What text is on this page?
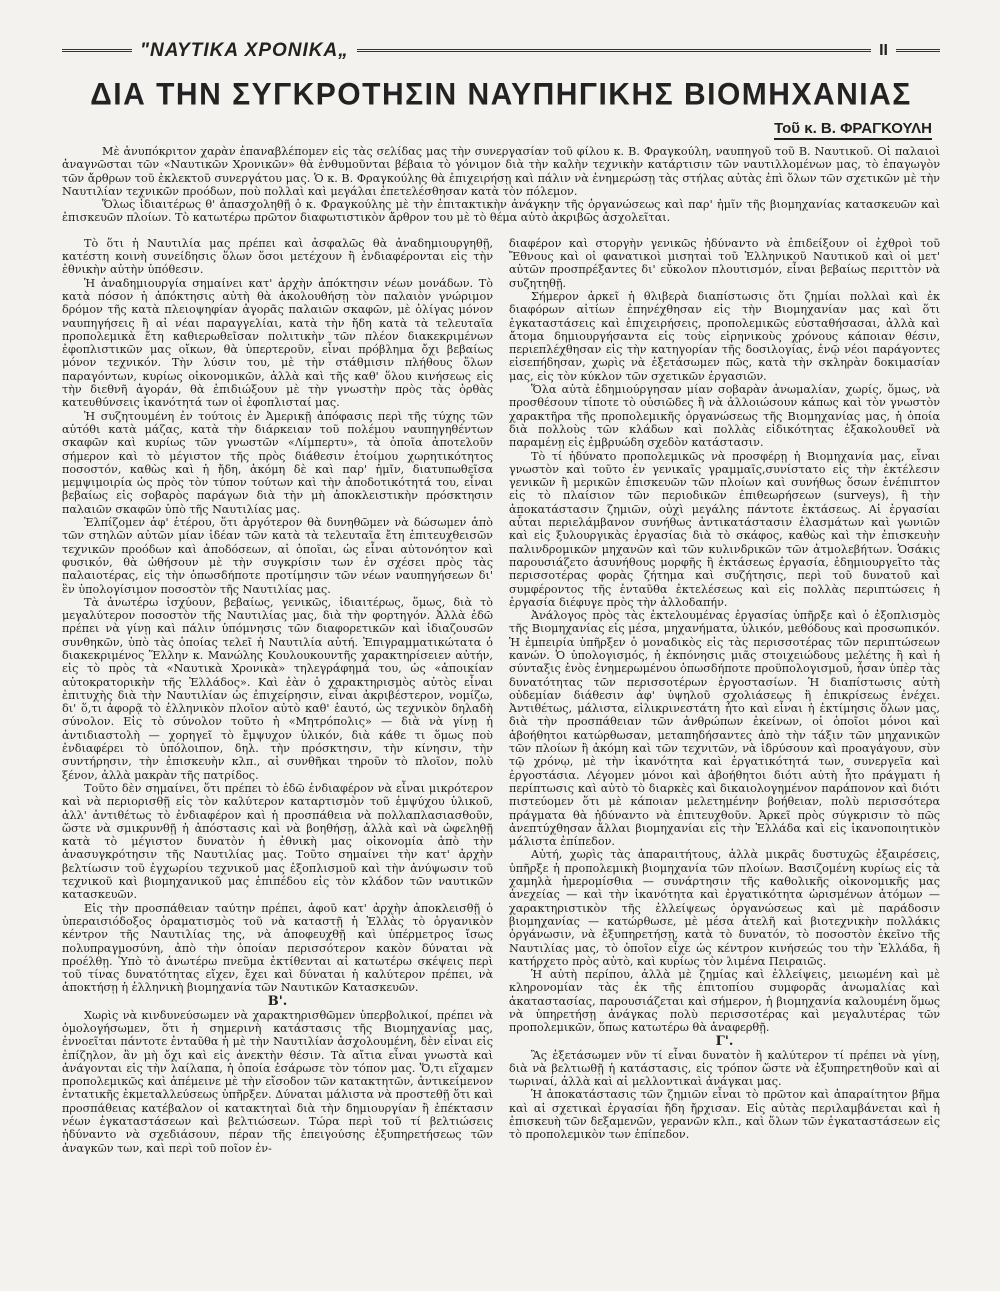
"ΝΑΥΤΙΚΑ ΧΡΟΝΙΚΑ„	ΙΙ
ΔΙΑ ΤΗΝ ΣΥΓΚΡΟΤΗΣΙΝ ΝΑΥΠΗΓΙΚΗΣ ΒΙΟΜΗΧΑΝΙΑΣ
Τοῦ κ. Β. ΦΡΑΓΚΟΥΛΗ

Μὲ ἀνυπόκριτον χαρὰν ἐπαναβλέπομεν εἰς τὰς σελίδας μας τὴν συνεργασίαν τοῦ φίλου κ. Β. Φραγκούλη, ναυπηγοῦ τοῦ Β. Ναυτικοῦ. Οἱ παλαιοὶ ἀναγνῶσται τῶν «Ναυτικῶν Χρονικῶν» θὰ ἐνθυμοῦνται βέβαια τὸ γόνιμον διὰ τὴν καλὴν τεχνικὴν κατάρτισιν τῶν ναυτιλλομένων μας, τὸ ἐπαγωγὸν τῶν ἄρθρων τοῦ ἐκλεκτοῦ συνεργάτου μας. Ὁ κ. Β. Φραγκούλης θὰ ἐπιχειρήσῃ καὶ πάλιν νὰ ἐνημερώσῃ τὰς στήλας αὐτὰς ἐπὶ ὅλων τῶν σχετικῶν μὲ τὴν Ναυτιλίαν τεχνικῶν προόδων, ποὺ πολλαὶ καὶ μεγάλαι ἐπετελέσθησαν κατὰ τὸν πόλεμον.

Ὅλως ἰδιαιτέρως θ' ἀπασχοληθῇ ὁ κ. Φραγκούλης μὲ τὴν ἐπιτακτικὴν ἀνάγκην τῆς ὀργανώσεως καὶ παρ' ἡμῖν τῆς βιομηχανίας κατασκευῶν καὶ ἐπισκευῶν πλοίων. Τὸ κατωτέρω πρῶτον διαφωτιστικὸν ἄρθρον του μὲ τὸ θέμα αὐτὸ ἀκριβῶς ἀσχολεῖται.

Τὸ ὅτι ἡ Ναυτιλία μας πρέπει καὶ ἀσφαλῶς θὰ ἀναδημιουργηθῇ, κατέστη κοινὴ συνείδησις ὅλων ὅσοι μετέχουν ἢ ἐνδιαφέρονται εἰς τὴν ἐθνικὴν αὐτὴν ὑπόθεσιν.

Ἡ ἀναδημιουργία σημαίνει κατ' ἀρχὴν ἀπόκτησιν νέων μονάδων. Τὸ κατὰ πόσον ἡ ἀπόκτησις αὐτὴ θὰ ἀκολουθήσῃ τὸν παλαιὸν γνώριμον δρόμον τῆς κατὰ πλειοψηφίαν ἀγορᾶς παλαιῶν σκαφῶν, μὲ ὀλίγας μόνον ναυπηγήσεις ἢ αἱ νέαι παραγγελίαι, κατὰ τὴν ἤδη κατὰ τὰ τελευταῖα προπολεμικὰ ἔτη καθιερωθεῖσαν πολιτικὴν τῶν πλέον διακεκριμένων ἐφοπλιστικῶν μας οἴκων, θὰ ὑπερτεροῦν, εἶναι πρόβλημα ὄχι βεβαίως μόνον τεχνικόν. Τὴν λύσιν του, μὲ τὴν στάθμισιν πλήθους ὅλων παραγόντων, κυρίως οἰκονομικῶν, ἀλλὰ καὶ τῆς καθ' ὅλου κινήσεως εἰς τὴν διεθνῆ ἀγοράν, θὰ ἐπιδιώξουν μὲ τὴν γνωστὴν πρὸς τὰς ὀρθὰς κατευθύνσεις ἱκανότητά των οἱ ἐφοπλισταί μας.

Ἡ συζητουμένη ἐν τούτοις ἐν Ἀμερικῇ ἀπόφασις περὶ τῆς τύχης τῶν αὐτόθι κατὰ μάζας, κατὰ τὴν διάρκειαν τοῦ πολέμου ναυπηγηθέντων σκαφῶν καὶ κυρίως τῶν γνωστῶν «Λίμπερτυ», τὰ ὁποῖα ἀποτελοῦν σήμερον καὶ τὸ μέγιστον τῆς πρὸς διάθεσιν ἑτοίμου χωρητικότητος ποσοστόν, καθὼς καὶ ἡ ἤδη, ἀκόμη δὲ καὶ παρ' ἡμῖν, διατυπωθεῖσα μεμψιμοιρία ὡς πρὸς τὸν τύπον τούτων καὶ τὴν ἀποδοτικότητά του, εἶναι βεβαίως εἰς σοβαρὸς παράγων διὰ τὴν μὴ ἀποκλειστικὴν πρόσκτησιν παλαιῶν σκαφῶν ὑπὸ τῆς Ναυτιλίας μας.

Ἐλπίζομεν ἀφ' ἑτέρου, ὅτι ἀργότερον θὰ δυνηθῶμεν νὰ δώσωμεν ἀπὸ τῶν στηλῶν αὐτῶν μίαν ἰδέαν τῶν κατὰ τὰ τελευταῖα ἔτη ἐπιτευχθεισῶν τεχνικῶν προόδων καὶ ἀποδόσεων, αἱ ὁποῖαι, ὡς εἶναι αὐτονόητον καὶ φυσικόν, θὰ ὠθήσουν μὲ τὴν συγκρίσιν των ἐν σχέσει πρὸς τὰς παλαιοτέρας, εἰς τὴν ὁπωσδήποτε προτίμησιν τῶν νέων ναυπηγήσεων δι' ἓν ὑπολογίσιμον ποσοστὸν τῆς Ναυτιλίας μας.

Τὰ ἀνωτέρω ἰσχύουν, βεβαίως, γενικῶς, ἰδιαιτέρως, ὅμως, διὰ τὸ μεγαλύτερον ποσοστὸν τῆς Ναυτιλίας μας, διὰ τὴν φορτηγόν. Ἀλλὰ ἐδῶ πρέπει νὰ γίνῃ καὶ πάλιν ὑπόμνησις τῶν διαφορετικῶν καὶ ἰδιαζουσῶν συνθηκῶν, ὑπὸ τὰς ὁποίας τελεῖ ἡ Ναυτιλία αὐτή. Ἐπιγραμματικώτατα ὁ διακεκριμένος Ἕλλην κ. Μανώλης Κουλουκουντῆς χαρακτηρίσειεν αὐτήν, εἰς τὸ πρὸς τὰ «Ναυτικὰ Χρονικὰ» τηλεγράφημά του, ὡς «ἀποικίαν αὐτοκρατορικὴν τῆς Ἑλλάδος». Καὶ ἐὰν ὁ χαρακτηρισμὸς αὐτὸς εἶναι ἐπιτυχὴς διὰ τὴν Ναυτιλίαν ὡς ἐπιχείρησιν, εἶναι ἀκριβέστερον, νομίζω, δι' ὅ,τι ἀφορᾷ τὸ ἑλληνικὸν πλοῖον αὐτὸ καθ' ἑαυτό, ὡς τεχνικὸν δηλαδὴ σύνολον. Εἰς τὸ σύνολον τοῦτο ἡ «Μητρόπολις» — διὰ νὰ γίνῃ ἡ ἀντιδιαστολὴ — χορηγεῖ τὸ ἔμψυχον ὑλικόν, διὰ κάθε τι ὅμως ποὺ ἐνδιαφέρει τὸ ὑπόλοιπον, δηλ. τὴν πρόσκτησιν, τὴν κίνησιν, τὴν συντήρησιν, τὴν ἐπισκευὴν κλπ., αἱ συνθῆκαι τηροῦν τὸ πλοῖον, πολὺ ξένον, ἀλλὰ μακρὰν τῆς πατρίδος.

Τοῦτο δὲν σημαίνει, ὅτι πρέπει τὸ ἐδῶ ἐνδιαφέρον νὰ εἶναι μικρότερον καὶ νὰ περιορισθῇ εἰς τὸν καλύτερον καταρτισμὸν τοῦ ἐμψύχου ὑλικοῦ, ἀλλ' ἀντιθέτως τὸ ἐνδιαφέρον καὶ ἡ προσπάθεια νὰ πολλαπλασιασθοῦν, ὥστε νὰ σμικρυνθῇ ἡ ἀπόστασις καὶ νὰ βοηθήσῃ, ἀλλὰ καὶ νὰ ὠφεληθῇ κατὰ τὸ μέγιστον δυνατὸν ἡ ἐθνικὴ μας οἰκονομία ἀπὸ τὴν ἀνασυγκρότησιν τῆς Ναυτιλίας μας. Τοῦτο σημαίνει τὴν κατ' ἀρχὴν βελτίωσιν τοῦ ἐγχωρίου τεχνικοῦ μας ἐξοπλισμοῦ καὶ τὴν ἀνύψωσιν τοῦ τεχνικοῦ καὶ βιομηχανικοῦ μας ἐπιπέδου εἰς τὸν κλάδον τῶν ναυτικῶν κατασκευῶν.

Εἰς τὴν προσπάθειαν ταύτην πρέπει, ἀφοῦ κατ' ἀρχὴν ἀποκλεισθῇ ὁ ὑπεραισιόδοξος ὁραματισμὸς τοῦ νὰ καταστῇ ἡ Ἑλλὰς τὸ ὀργανικὸν κέντρον τῆς Ναυτιλίας της, νὰ ἀποφευχθῇ καὶ ὑπέρμετρος ἴσως πολυπραγμοσύνη, ἀπὸ τὴν ὁποίαν περισσότερον κακὸν δύναται νὰ προέλθῃ. Ὑπὸ τὸ ἀνωτέρω πνεῦμα ἐκτίθενται αἱ κατωτέρω σκέψεις περὶ τοῦ τίνας δυνατότητας εἴχεν, ἔχει καὶ δύναται ἡ καλύτερον πρέπει, νὰ ἀποκτήσῃ ἡ ἑλληνικὴ βιομηχανία τῶν Ναυτικῶν Κατασκευῶν.

Β'.

Χωρὶς νὰ κινδυνεύσωμεν νὰ χαρακτηρισθῶμεν ὑπερβολικοί, πρέπει νὰ ὁμολογήσωμεν, ὅτι ἡ σημερινὴ κατάστασις τῆς Βιομηχανίας μας, ἐννοεῖται πάντοτε ἐνταῦθα ἡ μὲ τὴν Ναυτιλίαν ἀσχολουμένη, δὲν εἶναι εἰς ἐπίζηλον, ἂν μὴ ὄχι καὶ εἰς ἀνεκτὴν θέσιν. Τὰ αἴτια εἶναι γνωστὰ καὶ ἀνάγονται εἰς τὴν λαίλαπα, ἡ ὁποία ἐσάρωσε τὸν τόπον μας. Ὅ,τι εἴχαμεν προπολεμικῶς καὶ ἀπέμεινε μὲ τὴν εἴσοδον τῶν κατακτητῶν, ἀντικείμενον ἐντατικῆς ἐκμεταλλεύσεως ὑπῆρξεν. Δύναται μάλιστα νὰ προστεθῇ ὅτι καὶ προσπάθειας κατέβαλον οἱ κατακτηταὶ διὰ τὴν δημιουργίαν ἢ ἐπέκτασιν νέων ἐγκαταστάσεων καὶ βελτιώσεων. Τώρα περὶ τοῦ τί βελτιώσεις ἠδύναντο νὰ σχεδιάσουν, πέραν τῆς ἐπειγούσης ἐξυπηρετήσεως τῶν ἀναγκῶν των, καὶ περὶ τοῦ ποῖον ἐν-

διαφέρον καὶ στοργὴν γενικῶς ἠδύναντο νὰ ἐπιδείξουν οἱ ἐχθροὶ τοῦ Ἔθνους καὶ οἱ φανατικοὶ μισηταὶ τοῦ Ἑλληνικοῦ Ναυτικοῦ καὶ οἱ μετ' αὐτῶν προσπρέξαντες δι' εὔκολον πλουτισμόν, εἶναι βεβαίως περιττὸν νὰ συζητηθῇ.

Σήμερον ἀρκεῖ ἡ θλιβερὰ διαπίστωσις ὅτι ζημίαι πολλαὶ καὶ ἐκ διαφόρων αἰτίων ἐπηνέχθησαν εἰς τὴν Βιομηχανίαν μας καὶ ὅτι ἐγκαταστάσεις καὶ ἐπιχειρήσεις, προπολεμικῶς εὐσταθήσασαι, ἀλλὰ καὶ ἄτομα δημιουργήσαντα εἰς τοὺς εἰρηνικοὺς χρόνους κάποιαν θέσιν, περιεπλέχθησαν εἰς τὴν κατηγορίαν τῆς δοσιλογίας, ἐνῷ νέοι παράγοντες εἰσεπήδησαν, χωρὶς νὰ ἐξετάσωμεν πῶς, κατὰ τὴν σκληρὰν δοκιμασίαν μας, εἰς τὸν κύκλον τῶν σχετικῶν ἐργασιῶν.

Ὅλα αὐτὰ ἐδημιούργησαν μίαν σοβαρὰν ἀνωμαλίαν, χωρίς, ὅμως, νὰ προσθέσουν τίποτε τὸ οὐσιῶδες ἢ νὰ ἀλλοιώσουν κάπως καὶ τὸν γνωστὸν χαρακτῆρα τῆς προπολεμικῆς ὀργανώσεως τῆς Βιομηχανίας μας, ἡ ὁποία διὰ πολλοὺς τῶν κλάδων καὶ πολλὰς εἰδικότητας ἐξακολουθεῖ νὰ παραμένῃ εἰς ἐμβρυώδη σχεδὸν κατάστασιν.

Τὸ τί ἠδύνατο προπολεμικῶς νὰ προσφέρῃ ἡ Βιομηχανία μας, εἶναι γνωστὸν καὶ τοῦτο ἐν γενικαῖς γραμμαῖς,συνίστατο εἰς τὴν ἐκτέλεσιν γενικῶν ἢ μερικῶν ἐπισκευῶν τῶν πλοίων καὶ συνήθως ὅσων ἐνέπιπτον εἰς τὸ πλαίσιον τῶν περιοδικῶν ἐπιθεωρήσεων (surveys), ἢ τὴν ἀποκατάστασιν ζημιῶν, οὐχὶ μεγάλης πάντοτε ἐκτάσεως. Αἱ ἐργασίαι αὗται περιελάμβανον συνήθως ἀντικατάστασιν ἐλασμάτων καὶ γωνιῶν καὶ εἰς ξυλουργικὰς ἐργασίας διὰ τὸ σκάφος, καθὼς καὶ τὴν ἐπισκευὴν παλινδρομικῶν μηχανῶν καὶ τῶν κυλινδρικῶν τῶν ἀτμολεβήτων. Ὁσάκις παρουσιάζετο ἀσυνήθους μορφῆς ἢ ἐκτάσεως ἐργασία, ἐδημιουργεῖτο τὰς περισσοτέρας φορὰς ζήτημα καὶ συζήτησις, περὶ τοῦ δυνατοῦ καὶ συμφέροντος τῆς ἐνταῦθα ἐκτελέσεως καὶ εἰς πολλὰς περιπτώσεις ἡ ἐργασία διέφυγε πρὸς τὴν ἀλλοδαπήν.

Ἀνάλογος πρὸς τὰς ἐκτελουμένας ἐργασίας ὑπῆρξε καὶ ὁ ἐξοπλισμὸς τῆς Βιομηχανίας εἰς μέσα, μηχανήματα, ὑλικόν, μεθόδους καὶ προσωπικόν. Ἡ ἐμπειρία ὑπῆρξεν ὁ μοναδικὸς εἰς τὰς περισσοτέρας τῶν περιπτώσεων κανών. Ὁ ὑπολογισμός, ἡ ἐκπόνησις μιᾶς στοιχειώδους μελέτης ἢ καὶ ἡ σύνταξις ἑνὸς ἐνημερωμένου ὁπωσδήποτε προϋπολογισμοῦ, ἦσαν ὑπὲρ τὰς δυνατότητας τῶν περισσοτέρων ἐργοστασίων. Ἡ διαπίστωσις αὐτὴ οὐδεμίαν διάθεσιν ἀφ' ὑψηλοῦ σχολιάσεως ἢ ἐπικρίσεως ἐνέχει. Ἀντιθέτως, μάλιστα, εἰλικρινεστάτη ἦτο καὶ εἶναι ἡ ἐκτίμησις ὅλων μας, διὰ τὴν προσπάθειαν τῶν ἀνθρώπων ἐκείνων, οἱ ὁποῖοι μόνοι καὶ ἀβοήθητοι κατώρθωσαν, μεταπηδήσαντες ἀπὸ τὴν τάξιν τῶν μηχανικῶν τῶν πλοίων ἢ ἀκόμη καὶ τῶν τεχνιτῶν, νὰ ἱδρύσουν καὶ προαγάγουν, σὺν τῷ χρόνῳ, μὲ τὴν ἱκανότητα καὶ ἐργατικότητά των, συνεργεῖα καὶ ἐργοστάσια. Λέγομεν μόνοι καὶ ἀβοήθητοι διότι αὐτὴ ἦτο πράγματι ἡ περίπτωσις καὶ αὐτὸ τὸ διαρκὲς καὶ δικαιολογημένον παράπονον καὶ διότι πιστεύομεν ὅτι μὲ κάποιαν μελετημένην βοήθειαν, πολὺ περισσότερα πράγματα θὰ ἠδύναντο νὰ ἐπιτευχθοῦν. Ἀρκεῖ πρὸς σύγκρισιν τὸ πῶς ἀνεπτύχθησαν ἄλλαι βιομηχανίαι εἰς τὴν Ἑλλάδα καὶ εἰς ἱκανοποιητικὸν μάλιστα ἐπίπεδον.

Αὐτή, χωρὶς τὰς ἀπαραιτήτους, ἀλλὰ μικρᾶς δυστυχῶς ἐξαιρέσεις, ὑπῆρξε ἡ προπολεμικὴ βιομηχανία τῶν πλοίων. Βασιζομένη κυρίως εἰς τὰ χαμηλὰ ἡμερομίσθια — συνάρτησιν τῆς καθολικῆς οἰκονομικῆς μας ἀνεχείας — καὶ τὴν ἱκανότητα καὶ ἐργατικότητα ὡρισμένων ἀτόμων — χαρακτηριστικὸν τῆς ἐλλείψεως ὀργανώσεως καὶ μὲ παράδοσιν βιομηχανίας — κατώρθωσε, μὲ μέσα ἀτελῆ καὶ βιοτεχνικὴν πολλάκις ὀργάνωσιν, νὰ ἐξυπηρετήσῃ, κατὰ τὸ δυνατόν, τὸ ποσοστὸν ἐκεῖνο τῆς Ναυτιλίας μας, τὸ ὁποῖον εἶχε ὡς κέντρον κινήσεώς του τὴν Ἑλλάδα, ἢ κατήρχετο πρὸς αὐτὸ, καὶ κυρίως τὸν λιμένα Πειραιῶς.

Ἡ αὐτὴ περίπου, ἀλλὰ μὲ ζημίας καὶ ἐλλείψεις, μειωμένη καὶ μὲ κληρονομίαν τὰς ἐκ τῆς ἐπιτοπίου συμφορᾶς ἀνωμαλίας καὶ ἀκαταστασίας, παρουσιάζεται καὶ σήμερον, ἡ βιομηχανία καλουμένη ὅμως νὰ ὑπηρετήσῃ ἀνάγκας πολὺ περισσοτέρας καὶ μεγαλυτέρας τῶν προπολεμικῶν, ὅπως κατωτέρω θὰ ἀναφερθῇ.

Γ'.

Ἂς ἐξετάσωμεν νῦν τί εἶναι δυνατὸν ἢ καλύτερον τί πρέπει νὰ γίνῃ, διὰ νὰ βελτιωθῇ ἡ κατάστασις, εἰς τρόπον ὥστε νὰ ἐξυπηρετηθοῦν καὶ αἱ τωριναί, ἀλλὰ καὶ αἱ μελλοντικαὶ ἀνάγκαι μας.

Ἡ ἀποκατάστασις τῶν ζημιῶν εἶναι τὸ πρῶτον καὶ ἀπαραίτητον βῆμα καὶ αἱ σχετικαὶ ἐργασίαι ἤδη ἤρχισαν. Εἰς αὐτὰς περιλαμβάνεται καὶ ἡ ἐπισκευὴ τῶν δεξαμενῶν, γερανῶν κλπ., καὶ ὅλων τῶν ἐγκαταστάσεων εἰς τὸ προπολεμικὸν των ἐπίπεδον.
